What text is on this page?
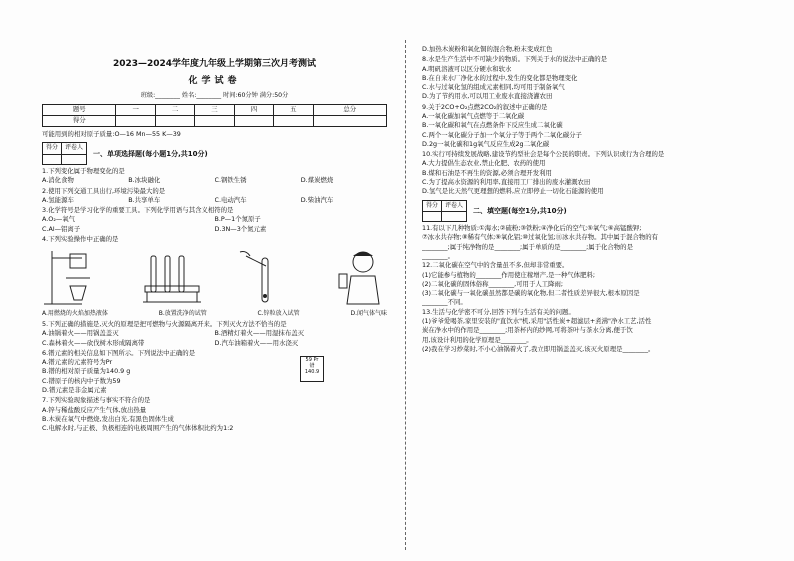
2023—2024学年度九年级上学期第三次月考测试
化学试卷
班级:________ 姓名:________ 时间:60分钟 满分:50分
题号	一	二	三	四	五	总分
得分						
可能用到的相对原子质量:O—16 Mn—55 K—39
得分	评卷人

一、单项选择题(每小题1分,共10分)
1.下列变化属于物理变化的是
A.消化食物	B.冰块融化	C.钢铁生锈	D.煤炭燃烧
2.使用下列交通工具出行,环境污染最大的是
A.氢能源车	B.共享单车	C.电动汽车	D.柴油汽车
3.化学符号是学习化学的重要工具。下列化学用语与其含义相符的是
A.O₂—氧气	B.P—1个氮原子
C.Al—铝离子	D.3N—3个氮元素
4.下列实验操作中正确的是
A.用燃烧的火焰加热液体	B.放置洗净的试管	C.锌粒放入试管	D.闻气体气味
5.下列正确的措施是,灭火的原理是把可燃物与火源隔离开来。下列灭火方法不恰当的是
A.油锅着火——用锅盖盖灭	B.酒精灯着火——用湿抹布盖灭
C.森林着火——砍伐树木形成隔离带	D.汽车油箱着火——用水浇灭
6.镨元素的相关信息如下图所示。下列说法中正确的是
A.镨元素的元素符号为Pr
B.镨的相对原子质量为140.9 g
C.镨原子的核内中子数为59
D.镨元素是非金属元素
7.下列实验现象描述与事实不符合的是
A.锌与稀盐酸反应产生气体,放出热量
B.木炭在氧气中燃烧,发出白光,有黑色固体生成
C.电解水时,与正极、负极相连的电极周围产生的气体体积比约为1:2
59 Pr
镨
140.9
D.加热木炭粉和氧化铜的混合物,粉末变成红色
8.水是生产生活中不可缺少的物质。下列关于水的说法中正确的是
A.明矾溶液可以区分硬水和软水
B.在自来水厂净化水的过程中,发生的变化都是物理变化
C.水与过氧化氢的组成元素相同,均可用于制备氧气
D.为了节约用水,可以用工业废水直接浇灌农田
9.关于2CO+O₂点燃2CO₂的叙述中正确的是
A.一氧化碳加氧气点燃等于二氧化碳
B.一氧化碳和氧气在点燃条件下反应生成二氧化碳
C.两个一氧化碳分子加一个氧分子等于两个二氧化碳分子
D.2g一氧化碳和1g氧气反应生成2g二氧化碳
10.实行可持续发展战略,建设节约型社会是每个公民的职责。下列认识或行为合理的是
A.大力提倡生态农业,禁止化肥、农药的使用
B.煤和石油是不再生的资源,必须合理开发利用
C.为了提高水资源的利用率,直接用工厂排出的废水灌溉农田
D.氢气是比天然气更理想的燃料,应立即停止一切化石能源的使用
得分	评卷人

二、填空题(每空1分,共10分)
11.有以下几种物质:①海水;②硫粉;③铁粉;④净化后的空气;⑤氧气;⑥高锰酸钾;
⑦冰水共存物;⑧稀有气体;⑨氧化铝;⑩过氧化氢;⑪冰水共存物。其中属于混合物的有
________;属于纯净物的是________;属于单质的是________;属于化合物的是
________。
12.二氧化碳在空气中的含量虽不多,但却非常重要。
(1)它能参与植物的________作用使庄稼增产,是一种气体肥料;
(2)二氧化碳的固体俗称________,可用于人工降雨;
(3)二氧化碳与一氧化碳虽然都是碳的氧化物,但二者性质差异很大,根本原因是
________不同。
13.生活与化学密不可分,回答下列与生活有关的问题。
(1)爷爷爱喝茶,家里安装的"直饮水"机,采用"活性炭+超滤层+煮沸"净水工艺,活性
炭在净水中的作用是________;用茶杯内的纱网,可将茶叶与茶水分离,便于饮
用,该设计利用的化学原理是________。
(2)我在学习炒菜时,不小心油锅着火了,我立即用锅盖盖灭,该灭火原理是________。
